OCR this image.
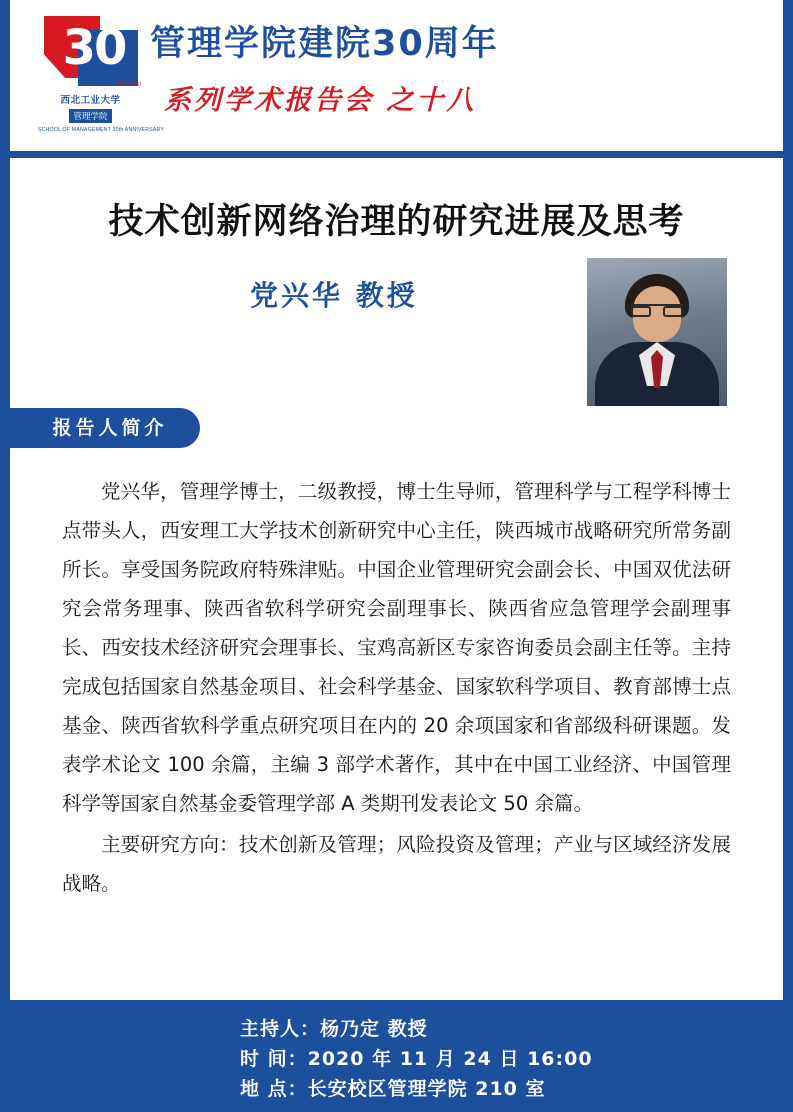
30
1990-2020
西北工业大学
管理学院
SCHOOL OF MANAGEMENT 30th ANNIVERSARY
管理学院建院30周年
系列学术报告会 之十八
技术创新网络治理的研究进展及思考
党兴华 教授
报告人简介

党兴华，管理学博士，二级教授，博士生导师，管理科学与工程学科博士点带头人，西安理工大学技术创新研究中心主任，陕西城市战略研究所常务副所长。享受国务院政府特殊津贴。中国企业管理研究会副会长、中国双优法研究会常务理事、陕西省软科学研究会副理事长、陕西省应急管理学会副理事长、西安技术经济研究会理事长、宝鸡高新区专家咨询委员会副主任等。主持完成包括国家自然基金项目、社会科学基金、国家软科学项目、教育部博士点基金、陕西省软科学重点研究项目在内的 20 余项国家和省部级科研课题。发表学术论文 100 余篇，主编 3 部学术著作，其中在中国工业经济、中国管理科学等国家自然基金委管理学部 A 类期刊发表论文 50 余篇。

主要研究方向：技术创新及管理；风险投资及管理；产业与区域经济发展战略。

主持人：杨乃定 教授
时 间：2020 年 11 月 24 日 16:00
地 点：长安校区管理学院 210 室
